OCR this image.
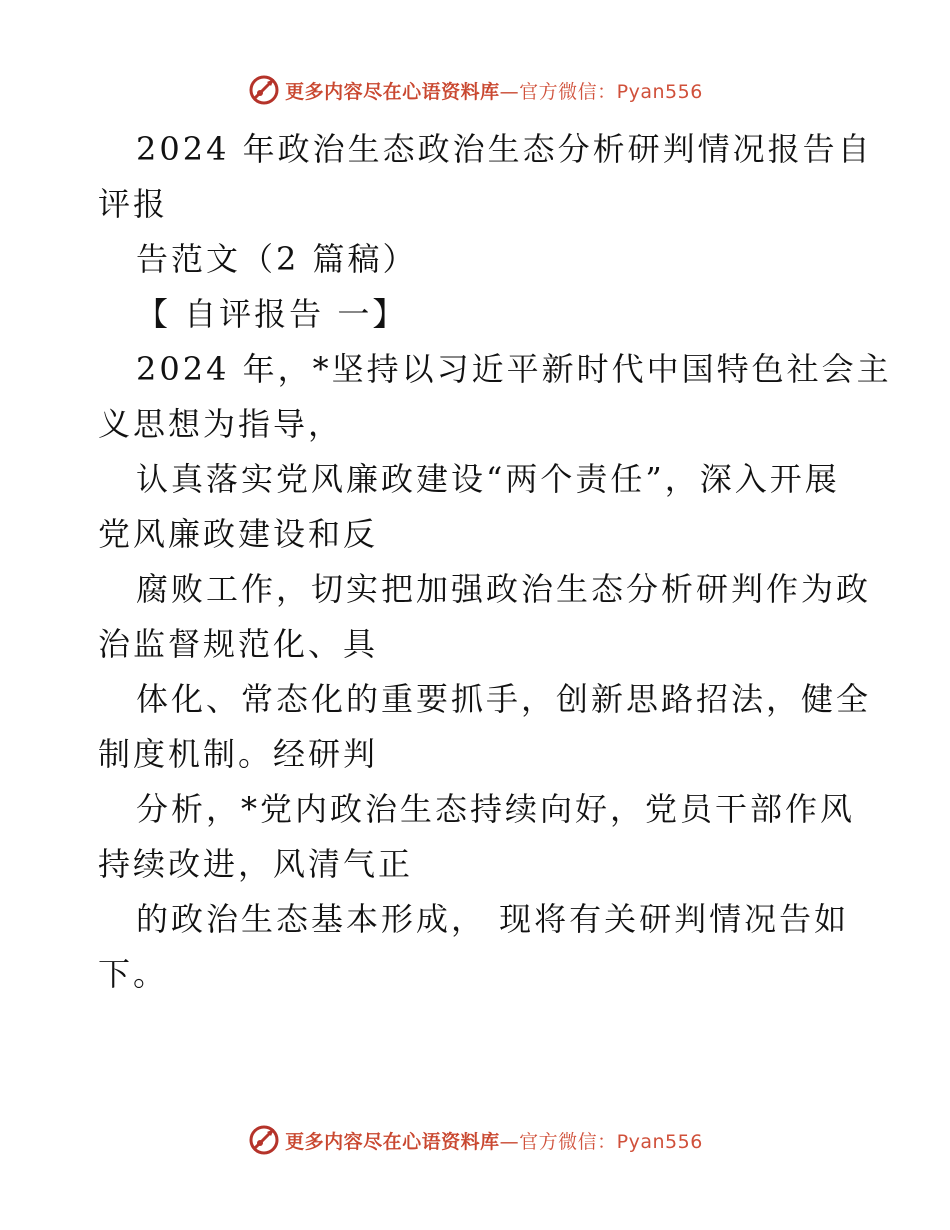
更多内容尽在心语资料库—官方微信：Pyan556
2024 年政治生态政治生态分析研判情况报告自
评报
告范文（2 篇稿）
【 自评报告 一】
2024 年，*坚持以习近平新时代中国特色社会主
义思想为指导，
认真落实党风廉政建设“两个责任”，深入开展
党风廉政建设和反
腐败工作，切实把加强政治生态分析研判作为政
治监督规范化、具
体化、常态化的重要抓手，创新思路招法，健全
制度机制。经研判
分析，*党内政治生态持续向好，党员干部作风
持续改进，风清气正
的政治生态基本形成， 现将有关研判情况告如
下。
更多内容尽在心语资料库—官方微信：Pyan556
